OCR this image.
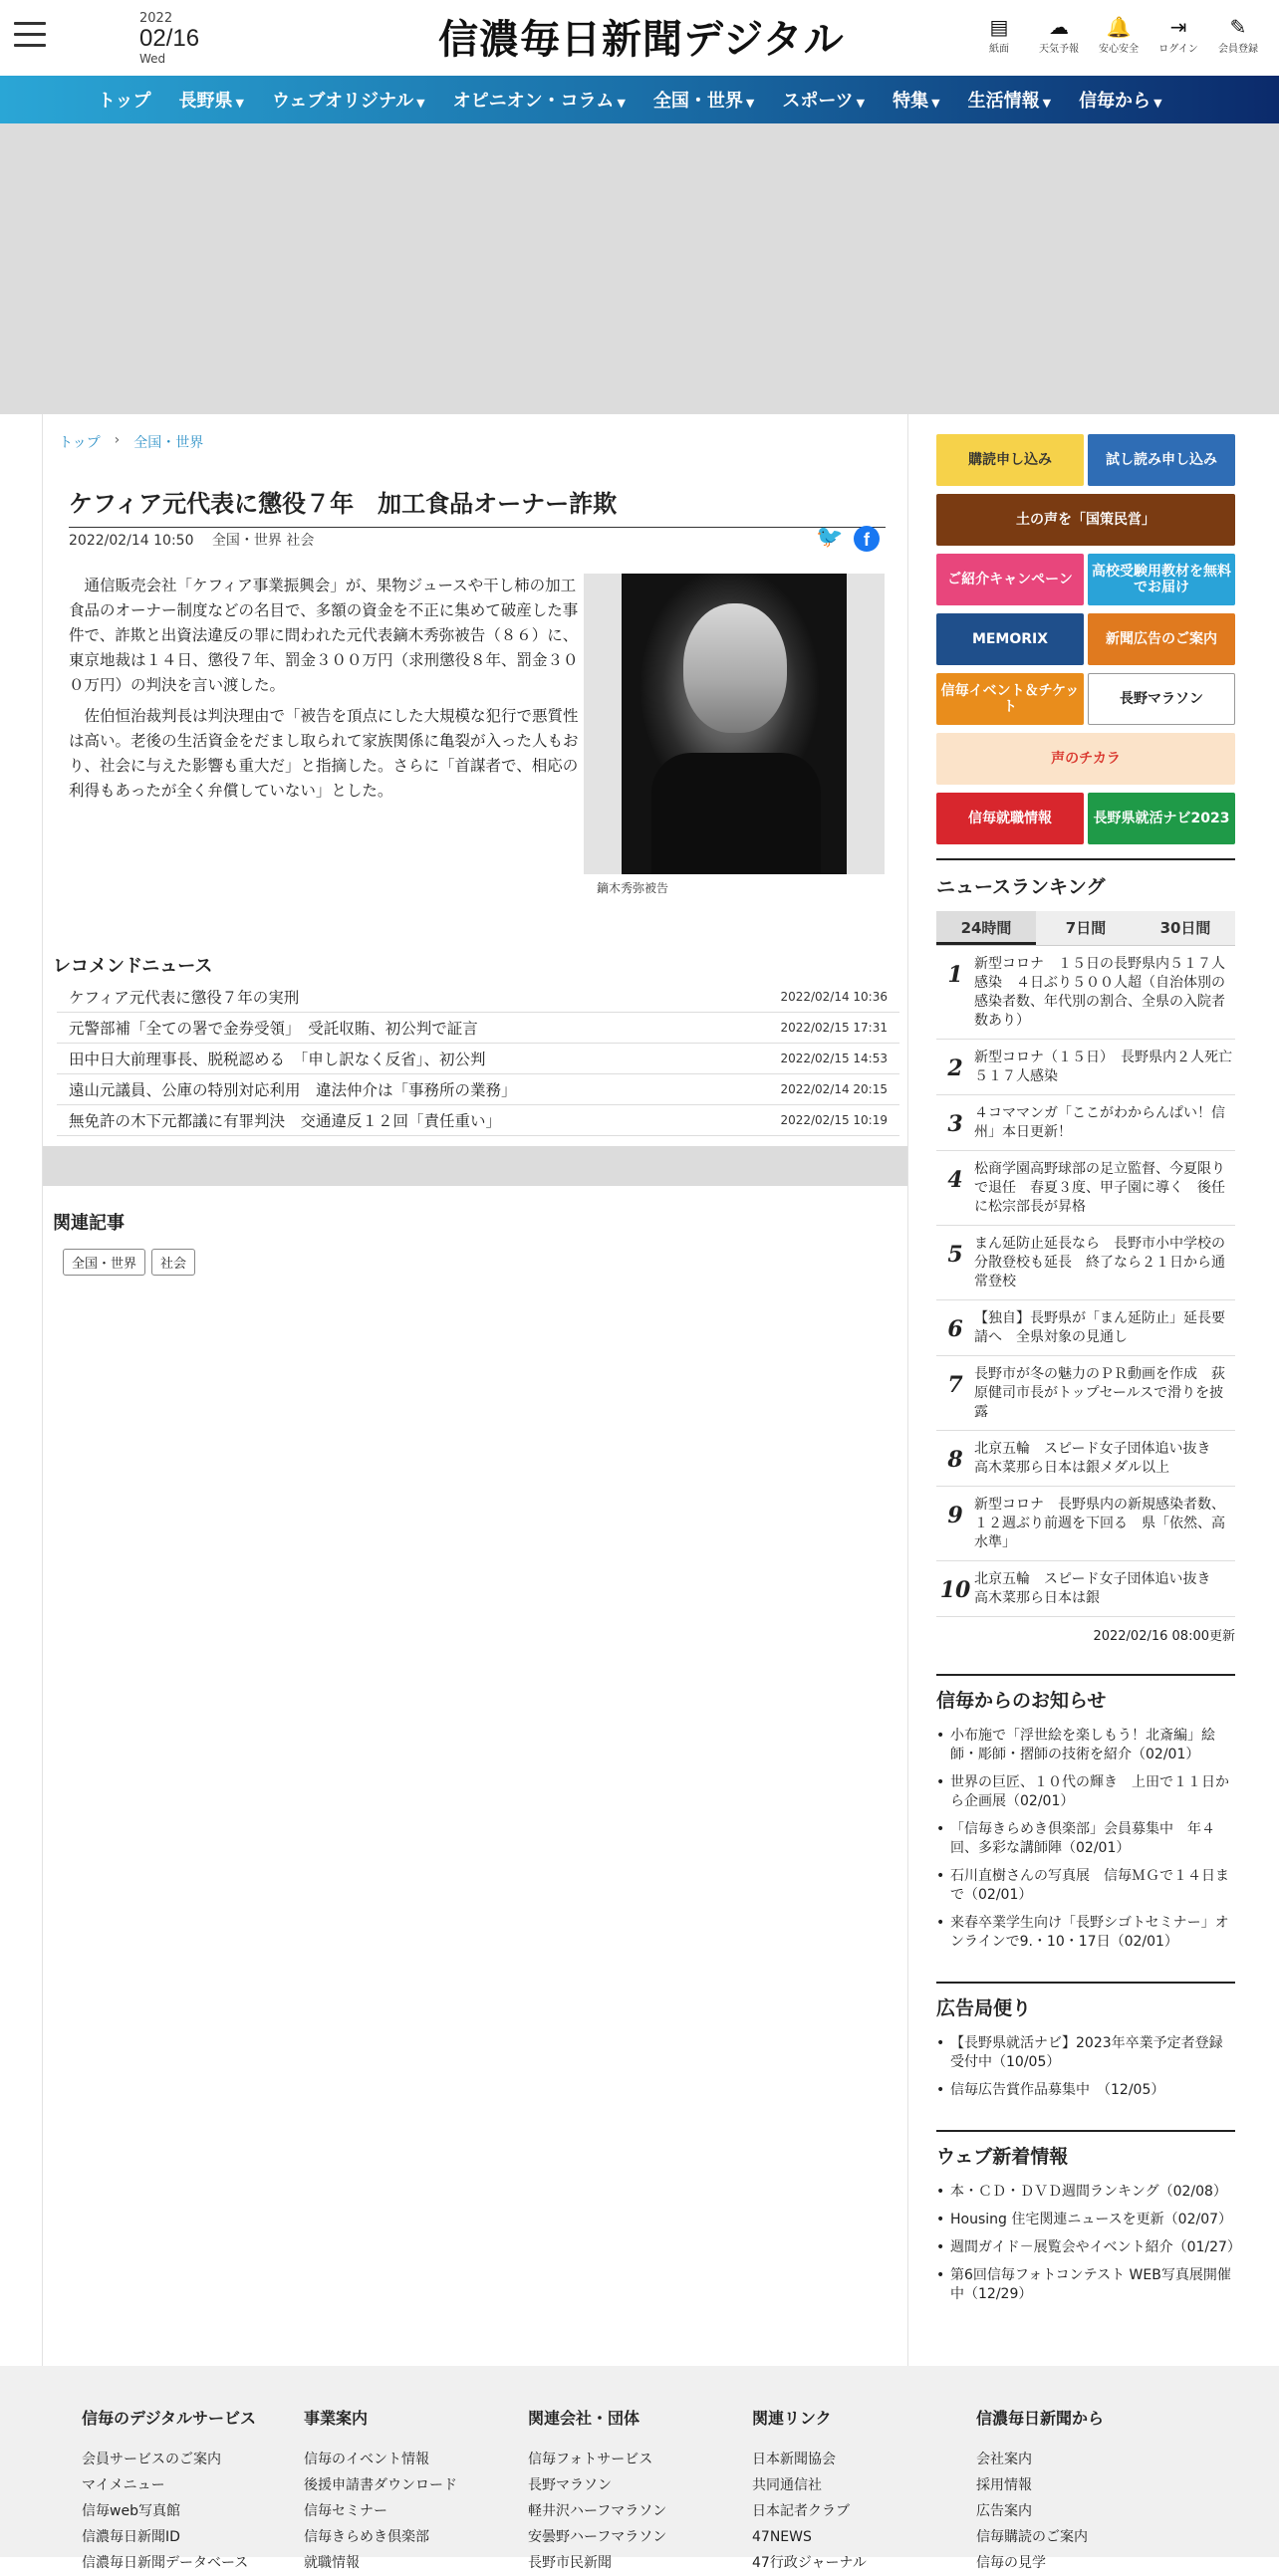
2022
02/16
Wed	信濃毎日新聞デジタル	▤
紙面
☁
天気予報
🔔
安心安全
⇥
ログイン
✎
会員登録
トップ 長野県 ▼ ウェブオリジナル ▼ オピニオン・コラム ▼ 全国・世界 ▼ スポーツ ▼ 特集 ▼ 生活情報 ▼ 信毎から ▼
トップ › 全国・世界
ケフィア元代表に懲役７年　加工食品オーナー詐欺
2022/02/14 10:50　 全国・世界 社会	🐦	f

通信販売会社「ケフィア事業振興会」が、果物ジュースや干し柿の加工食品のオーナー制度などの名目で、多額の資金を不正に集めて破産した事件で、詐欺と出資法違反の罪に問われた元代表鏑木秀弥被告（８６）に、東京地裁は１４日、懲役７年、罰金３００万円（求刑懲役８年、罰金３００万円）の判決を言い渡した。

佐伯恒治裁判長は判決理由で「被告を頂点にした大規模な犯行で悪質性は高い。老後の生活資金をだまし取られて家族関係に亀裂が入った人もおり、社会に与えた影響も重大だ」と指摘した。さらに「首謀者で、相応の利得もあったが全く弁償していない」とした。

鏑木秀弥被告
レコメンドニュース
ケフィア元代表に懲役７年の実刑	2022/02/14 10:36
元警部補「全ての署で金券受領」　受託収賄、初公判で証言	2022/02/15 17:31
田中日大前理事長、脱税認める　「申し訳なく反省」、初公判	2022/02/15 14:53
遠山元議員、公庫の特別対応利用　違法仲介は「事務所の業務」	2022/02/14 20:15
無免許の木下元都議に有罪判決　交通違反１２回「責任重い」	2022/02/15 10:19
関連記事
全国・世界	社会
購読申し込み	試し読み申し込み
土の声を「国策民営」
ご紹介キャンペーン
高校受験用教材を無料でお届け
MEMORIX	新聞広告のご案内
信毎イベント＆チケット
長野マラソン
声のチカラ
信毎就職情報	長野県就活ナビ2023
ニュースランキング
24時間	7日間	30日間
1 新型コロナ　１５日の長野県内５１７人感染　４日ぶり５００人超（自治体別の感染者数、年代別の割合、全県の入院者数あり）
2 新型コロナ（１５日）　長野県内２人死亡　５１７人感染
3 ４コママンガ「ここがわからんぱい！信州」本日更新！
4 松商学園高野球部の足立監督、今夏限りで退任　春夏３度、甲子園に導く　後任に松宗部長が昇格
5 まん延防止延長なら　長野市小中学校の分散登校も延長　終了なら２１日から通常登校
6 【独自】長野県が「まん延防止」延長要請へ　全県対象の見通し
7 長野市が冬の魅力のＰＲ動画を作成　荻原健司市長がトップセールスで滑りを披露
8 北京五輪　スピード女子団体追い抜き　高木菜那ら日本は銀メダル以上
9 新型コロナ　長野県内の新規感染者数、１２週ぶり前週を下回る　県「依然、高水準」
10 北京五輪　スピード女子団体追い抜き　高木菜那ら日本は銀
2022/02/16 08:00更新
信毎からのお知らせ
• 小布施で「浮世絵を楽しもう！北斎編」絵師・彫師・摺師の技術を紹介（02/01）
• 世界の巨匠、１０代の輝き　上田で１１日から企画展（02/01）
• 「信毎きらめき倶楽部」会員募集中　年４回、多彩な講師陣（02/01）
• 石川直樹さんの写真展　信毎ＭＧで１４日まで（02/01）
• 来春卒業学生向け「長野シゴトセミナー」オンラインで9.・10・17日（02/01）
広告局便り
• 【長野県就活ナビ】2023年卒業予定者登録受付中（10/05）
• 信毎広告賞作品募集中　（12/05）
ウェブ新着情報
• 本・ＣＤ・ＤＶＤ週間ランキング（02/08）
• Housing 住宅関連ニュースを更新（02/07）
• 週間ガイド－展覧会やイベント紹介（01/27）
• 第6回信毎フォトコンテスト WEB写真展開催中（12/29）
信毎のデジタルサービス
会員サービスのご案内
マイメニュー
信毎web写真館
信濃毎日新聞ID
信濃毎日新聞データベース
事業案内
信毎のイベント情報
後援申請書ダウンロード
信毎セミナー
信毎きらめき倶楽部
就職情報
関連会社・団体
信毎フォトサービス
長野マラソン
軽井沢ハーフマラソン
安曇野ハーフマラソン
長野市民新聞
関連リンク
日本新聞協会
共同通信社
日本記者クラブ
47NEWS
47行政ジャーナル
信濃毎日新聞から
会社案内
採用情報
広告案内
信毎購読のご案内
信毎の見学
